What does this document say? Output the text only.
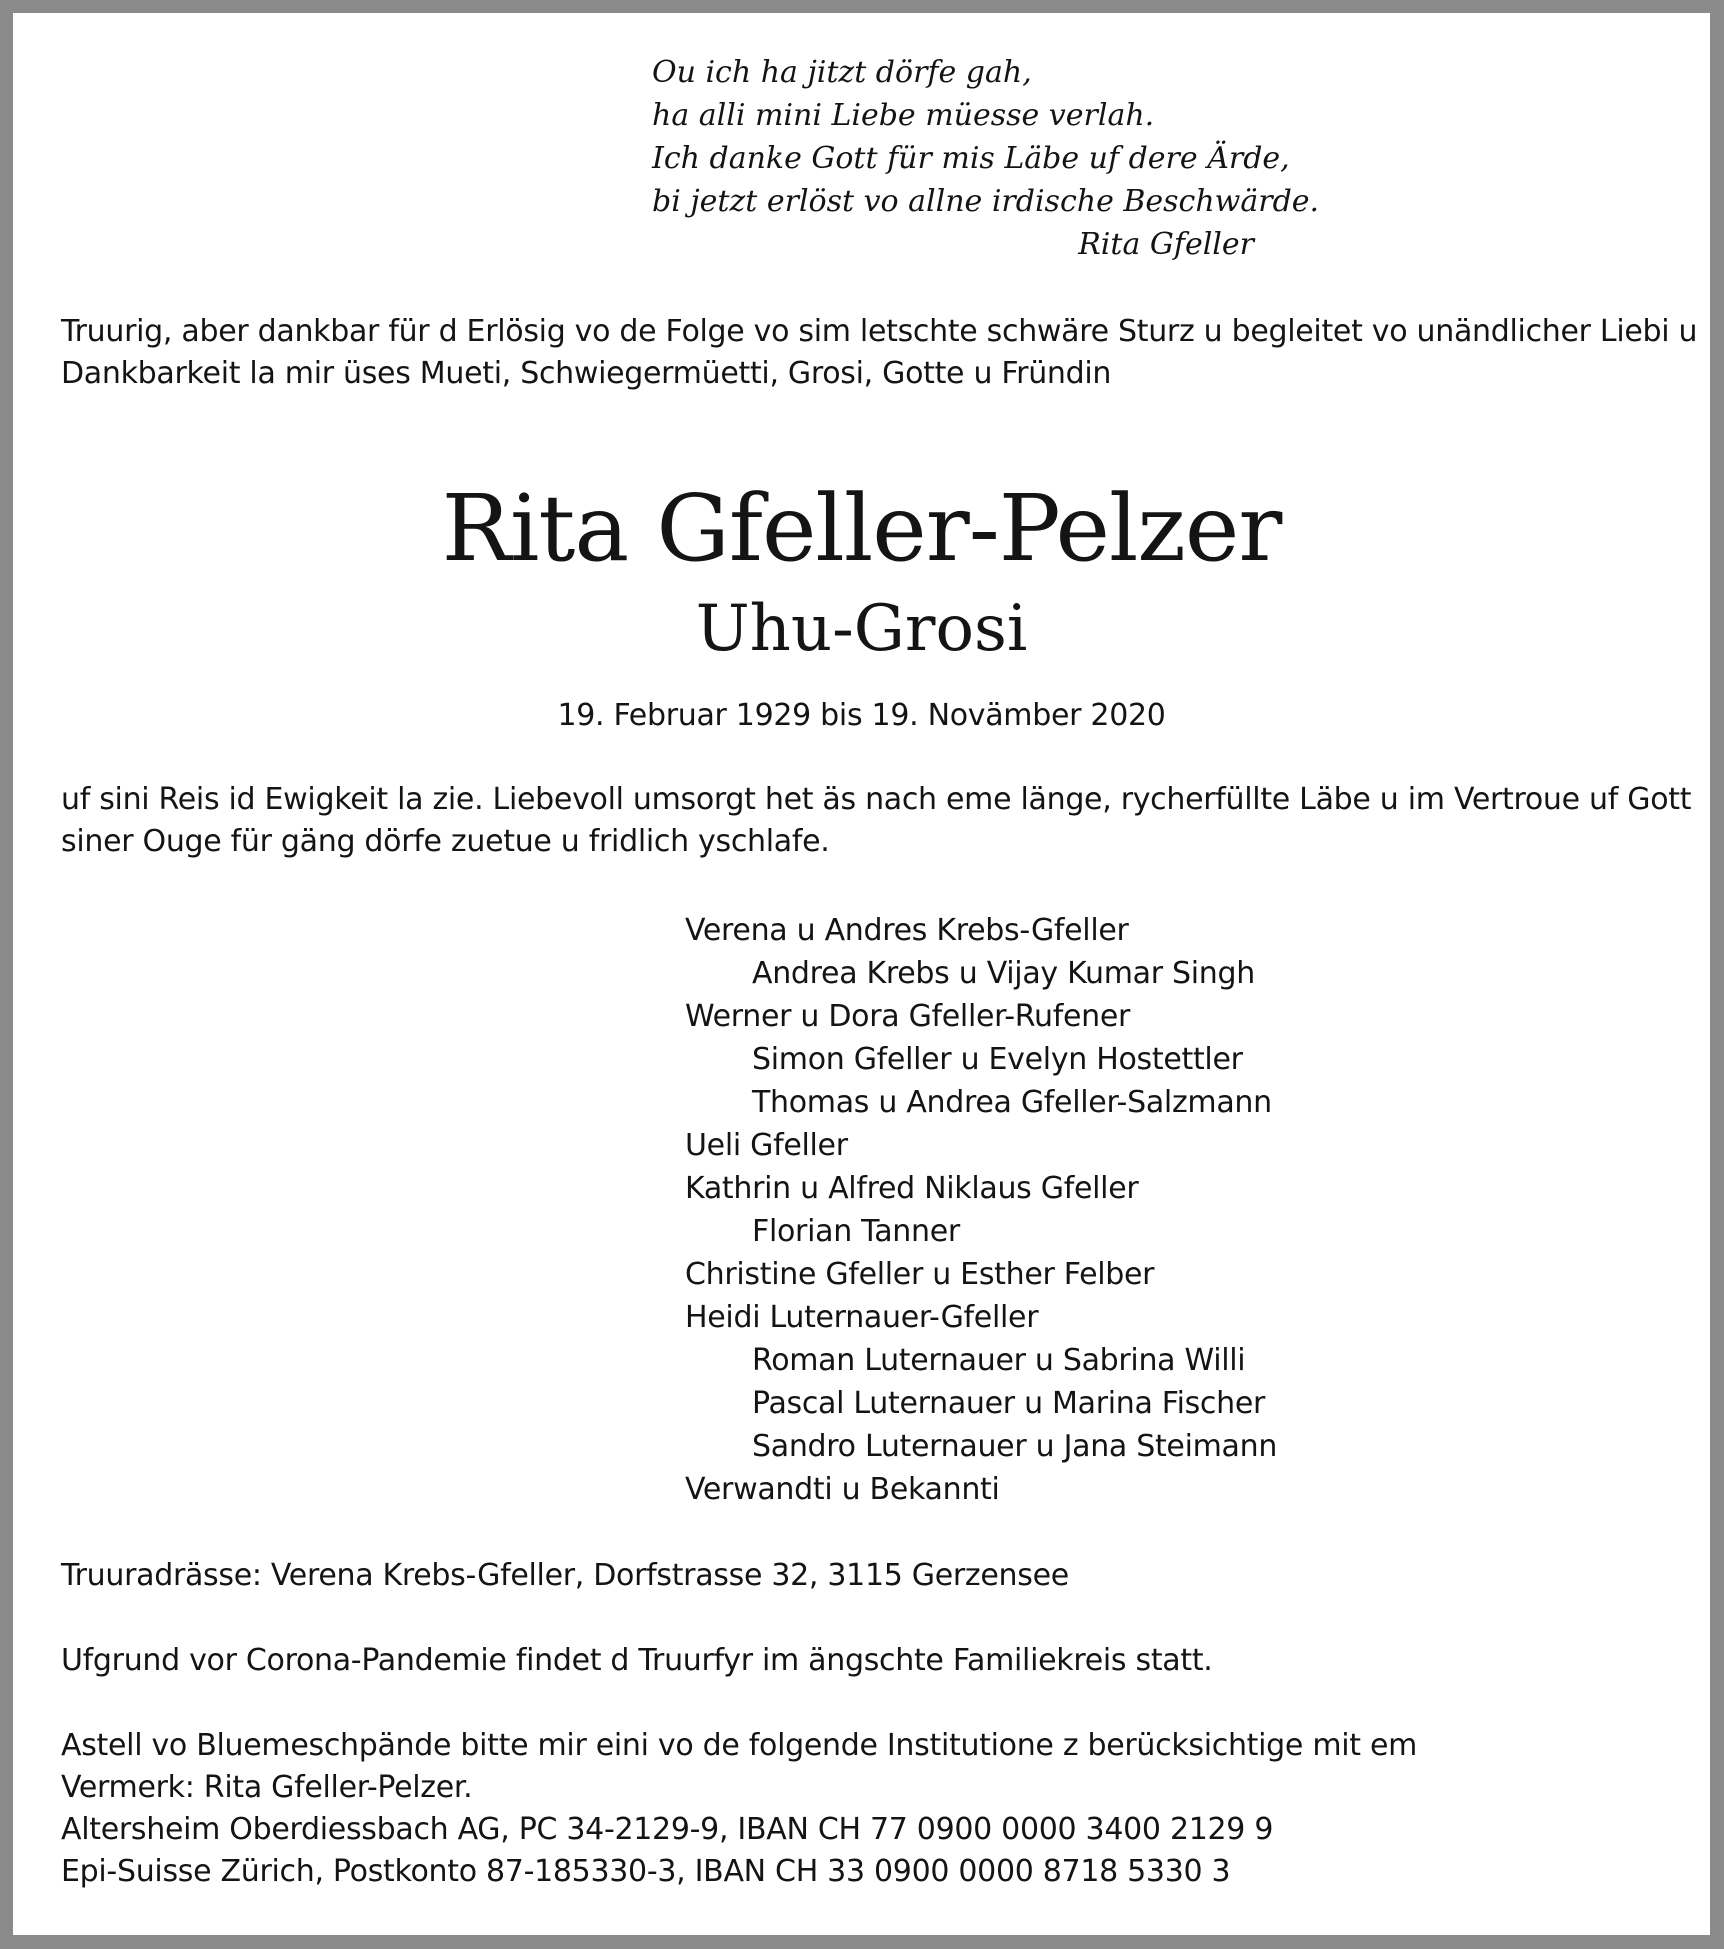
Ou ich ha jitzt dörfe gah,
ha alli mini Liebe müesse verlah.
Ich danke Gott für mis Läbe uf dere Ärde,
bi jetzt erlöst vo allne irdische Beschwärde.
Rita Gfeller
Truurig, aber dankbar für d Erlösig vo de Folge vo sim letschte schwäre Sturz u begleitet vo unändlicher Liebi u
Dankbarkeit la mir üses Mueti, Schwiegermüetti, Grosi, Gotte u Fründin
Rita Gfeller-Pelzer
Uhu-Grosi
19. Februar 1929 bis 19. Novämber 2020
uf sini Reis id Ewigkeit la zie. Liebevoll umsorgt het äs nach eme länge, rycherfüllte Läbe u im Vertroue uf Gott
siner Ouge für gäng dörfe zuetue u fridlich yschlafe.
Verena u Andres Krebs-Gfeller
Andrea Krebs u Vijay Kumar Singh
Werner u Dora Gfeller-Rufener
Simon Gfeller u Evelyn Hostettler
Thomas u Andrea Gfeller-Salzmann
Ueli Gfeller
Kathrin u Alfred Niklaus Gfeller
Florian Tanner
Christine Gfeller u Esther Felber
Heidi Luternauer-Gfeller
Roman Luternauer u Sabrina Willi
Pascal Luternauer u Marina Fischer
Sandro Luternauer u Jana Steimann
Verwandti u Bekannti
Truuradrässe: Verena Krebs-Gfeller, Dorfstrasse 32, 3115 Gerzensee
Ufgrund vor Corona-Pandemie findet d Truurfyr im ängschte Familiekreis statt.
Astell vo Bluemeschpände bitte mir eini vo de folgende Institutione z berücksichtige mit em
Vermerk: Rita Gfeller-Pelzer.
Altersheim Oberdiessbach AG, PC 34-2129-9, IBAN CH 77 0900 0000 3400 2129 9
Epi-Suisse Zürich, Postkonto 87-185330-3, IBAN CH 33 0900 0000 8718 5330 3
